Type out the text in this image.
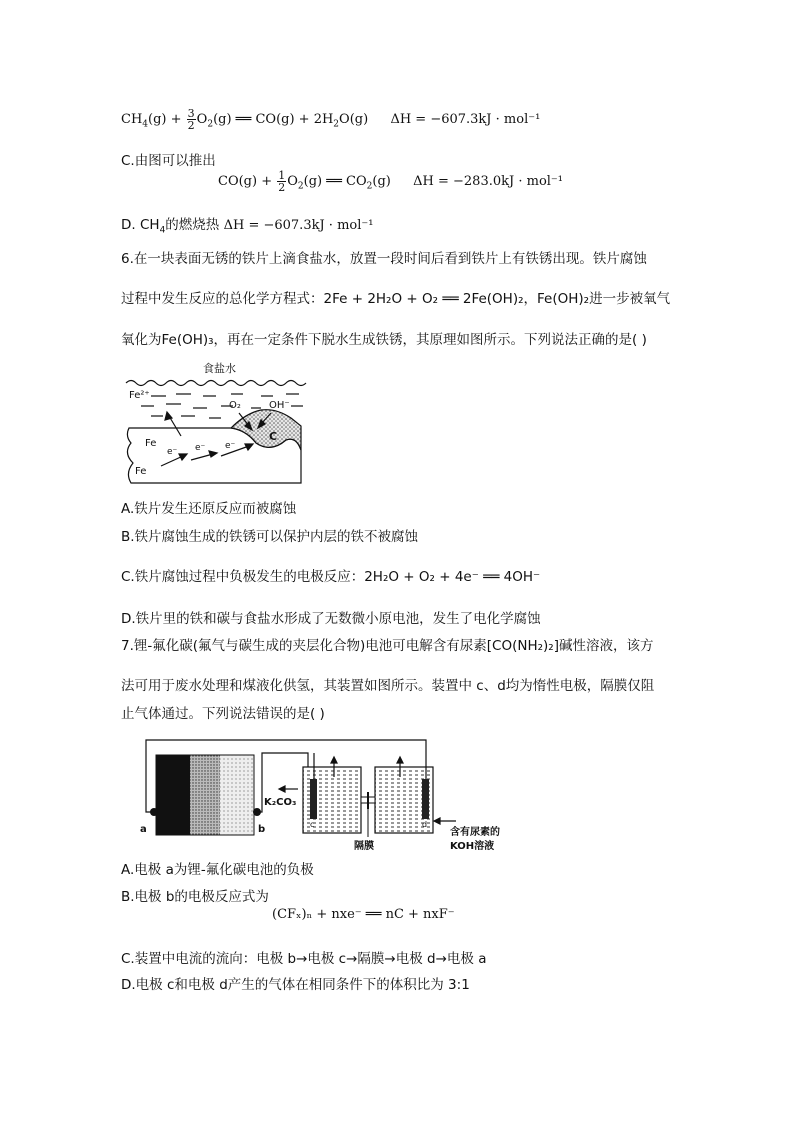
$CH_4(g) + \frac{3}{2} O_2(g)$ ══ $CO(g) + 2H_2O(g) \Delta H = -607.3kJ \cdot mol^{-1}$
C.由图可以推出
$CO(g) + \frac{1}{2} O_2(g)$ ══ $CO_2(g) \Delta H = -283.0kJ \cdot mol^{-1}$
D. $CH_4$的燃烧热 ΔH = −607.3kJ · mol⁻¹
6.在一块表面无锈的铁片上滴食盐水，放置一段时间后看到铁片上有铁锈出现。铁片腐蚀
过程中发生反应的总化学方程式：2Fe + 2H₂O + O₂ ══ 2Fe(OH)₂，Fe(OH)₂进一步被氧气
氧化为Fe(OH)₃，再在一定条件下脱水生成铁锈，其原理如图所示。下列说法正确的是( )
食盐水
Fe²⁺
O₂	OH⁻
Fe
Fe
C
e⁻ e⁻ e⁻
A.铁片发生还原反应而被腐蚀
B.铁片腐蚀生成的铁锈可以保护内层的铁不被腐蚀
C.铁片腐蚀过程中负极发生的电极反应：2H₂O + O₂ + 4e⁻ ══ 4OH⁻
D.铁片里的铁和碳与食盐水形成了无数微小原电池，发生了电化学腐蚀
7.锂-氟化碳(氟气与碳生成的夹层化合物)电池可电解含有尿素[CO(NH₂)₂]碱性溶液，该方
法可用于废水处理和煤液化供氢，其装置如图所示。装置中 c、d均为惰性电极，隔膜仅阻
止气体通过。下列说法错误的是( )
a	b
K₂CO₃
隔膜
含有尿素的
KOH溶液
c	d
A.电极 a为锂-氟化碳电池的负极
B.电极 b的电极反应式为
(CFₓ)ₙ + nxe⁻ ══ nC + nxF⁻
C.装置中电流的流向：电极 b→电极 c→隔膜→电极 d→电极 a
D.电极 c和电极 d产生的气体在相同条件下的体积比为 3:1
